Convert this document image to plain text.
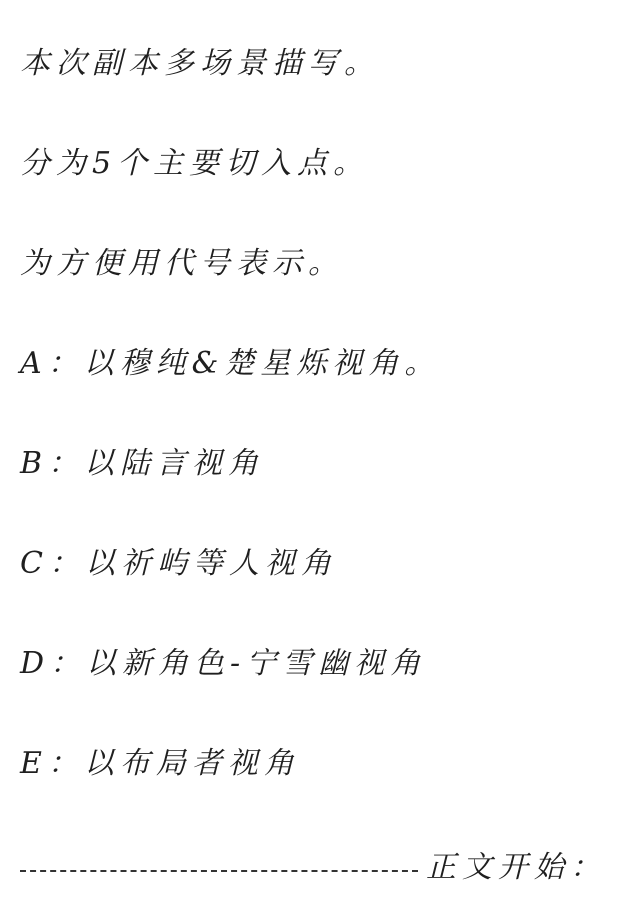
本次副本多场景描写。
分为5个主要切入点。
为方便用代号表示。
A：以穆纯&楚星烁视角。
B：以陆言视角
C：以祈屿等人视角
D：以新角色-宁雪幽视角
E：以布局者视角
正文开始：
